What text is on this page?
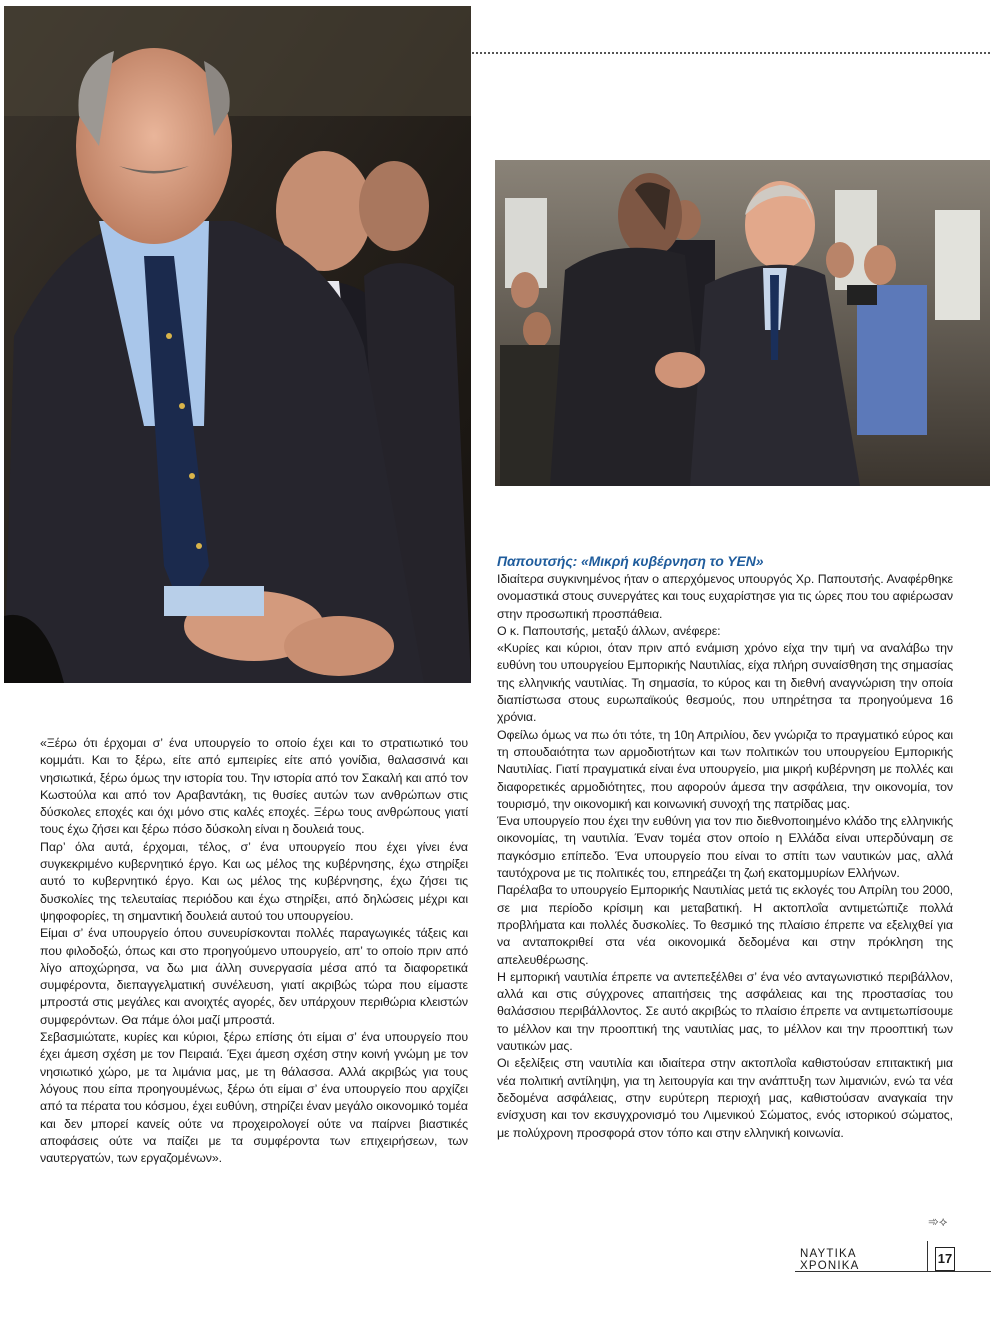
«Ξέρω ότι έρχομαι σ’ ένα υπουργείο το οποίο έχει και το στρατιωτικό του κομμάτι. Και το ξέρω, είτε από εμπειρίες είτε από γονίδια, θαλασσινά και νησιωτικά, ξέρω όμως την ιστορία του. Την ιστορία από τον Σακαλή και από τον Κωστούλα και από τον Αραβαντάκη, τις θυσίες αυτών των ανθρώπων στις δύσκολες εποχές και όχι μόνο στις καλές εποχές. Ξέρω τους ανθρώπους γιατί τους έχω ζήσει και ξέρω πόσο δύσκολη είναι η δουλειά τους.

Παρ’ όλα αυτά, έρχομαι, τέλος, σ’ ένα υπουργείο που έχει γίνει ένα συγκεκριμένο κυβερνητικό έργο. Και ως μέλος της κυβέρνησης, έχω στηρίξει αυτό το κυβερνητικό έργο. Και ως μέλος της κυβέρνησης, έχω ζήσει τις δυσκολίες της τελευταίας περιόδου και έχω στηρίξει, από δηλώσεις μέχρι και ψηφοφορίες, τη σημαντική δουλειά αυτού του υπουργείου.

Είμαι σ’ ένα υπουργείο όπου συνευρίσκονται πολλές παραγωγικές τάξεις και που φιλοδοξώ, όπως και στο προηγούμενο υπουργείο, απ’ το οποίο πριν από λίγο αποχώρησα, να δω μια άλλη συνεργασία μέσα από τα διαφορετικά συμφέροντα, διεπαγγελματική συνέλευση, γιατί ακριβώς τώρα που είμαστε μπροστά στις μεγάλες και ανοιχτές αγορές, δεν υπάρχουν περιθώρια κλειστών συμφερόντων. Θα πάμε όλοι μαζί μπροστά.

Σεβασμιώτατε, κυρίες και κύριοι, ξέρω επίσης ότι είμαι σ’ ένα υπουργείο που έχει άμεση σχέση με τον Πειραιά. Έχει άμεση σχέση στην κοινή γνώμη με τον νησιωτικό χώρο, με τα λιμάνια μας, με τη θάλασσα. Αλλά ακριβώς για τους λόγους που είπα προηγουμένως, ξέρω ότι είμαι σ’ ένα υπουργείο που αρχίζει από τα πέρατα του κόσμου, έχει ευθύνη, στηρίζει έναν μεγάλο οικονομικό τομέα και δεν μπορεί κανείς ούτε να προχειρολογεί ούτε να παίρνει βιαστικές αποφάσεις ούτε να παίζει με τα συμφέροντα των επιχειρήσεων, των ναυτεργατών, των εργαζομένων».

Παπουτσής: «Μικρή κυβέρνηση το ΥΕΝ»

Ιδιαίτερα συγκινημένος ήταν ο απερχόμενος υπουργός Χρ. Παπουτσής. Αναφέρθηκε ονομαστικά στους συνεργάτες και τους ευχαρίστησε για τις ώρες που του αφιέρωσαν στην προσωπική προσπάθεια.

Ο κ. Παπουτσής, μεταξύ άλλων, ανέφερε:

«Κυρίες και κύριοι, όταν πριν από ενάμιση χρόνο είχα την τιμή να αναλάβω την ευθύνη του υπουργείου Εμπορικής Ναυτιλίας, είχα πλήρη συναίσθηση της σημασίας της ελληνικής ναυτιλίας. Τη σημασία, το κύρος και τη διεθνή αναγνώριση την οποία διαπίστωσα στους ευρωπαϊκούς θεσμούς, που υπηρέτησα τα προηγούμενα 16 χρόνια.

Οφείλω όμως να πω ότι τότε, τη 10η Απριλίου, δεν γνώριζα το πραγματικό εύρος και τη σπουδαιότητα των αρμοδιοτήτων και των πολιτικών του υπουργείου Εμπορικής Ναυτιλίας. Γιατί πραγματικά είναι ένα υπουργείο, μια μικρή κυβέρνηση με πολλές και διαφορετικές αρμοδιότητες, που αφορούν άμεσα την ασφάλεια, την οικονομία, τον τουρισμό, την οικονομική και κοινωνική συνοχή της πατρίδας μας.

Ένα υπουργείο που έχει την ευθύνη για τον πιο διεθνοποιημένο κλάδο της ελληνικής οικονομίας, τη ναυτιλία. Έναν τομέα στον οποίο η Ελλάδα είναι υπερδύναμη σε παγκόσμιο επίπεδο. Ένα υπουργείο που είναι το σπίτι των ναυτικών μας, αλλά ταυτόχρονα με τις πολιτικές του, επηρεάζει τη ζωή εκατομμυρίων Ελλήνων.

Παρέλαβα το υπουργείο Εμπορικής Ναυτιλίας μετά τις εκλογές του Απρίλη του 2000, σε μια περίοδο κρίσιμη και μεταβατική. Η ακτοπλοΐα αντιμετώπιζε πολλά προβλήματα και πολλές δυσκολίες. Το θεσμικό της πλαίσιο έπρεπε να εξελιχθεί για να ανταποκριθεί στα νέα οικονομικά δεδομένα και στην πρόκληση της απελευθέρωσης.

Η εμπορική ναυτιλία έπρεπε να αντεπεξέλθει σ’ ένα νέο ανταγωνιστικό περιβάλλον, αλλά και στις σύγχρονες απαιτήσεις της ασφάλειας και της προστασίας του θαλάσσιου περιβάλλοντος. Σε αυτό ακριβώς το πλαίσιο έπρεπε να αντιμετωπίσουμε το μέλλον και την προοπτική της ναυτιλίας μας, το μέλλον και την προοπτική των ναυτικών μας.

Οι εξελίξεις στη ναυτιλία και ιδιαίτερα στην ακτοπλοΐα καθιστούσαν επιτακτική μια νέα πολιτική αντίληψη, για τη λειτουργία και την ανάπτυξη των λιμανιών, ενώ τα νέα δεδομένα ασφάλειας, στην ευρύτερη περιοχή μας, καθιστούσαν αναγκαία την ενίσχυση και τον εκσυγχρονισμό του Λιμενικού Σώματος, ενός ιστορικού σώματος, με πολύχρονη προσφορά στον τόπο και στην ελληνική κοινωνία.

➾⟡
ΝΑΥΤΙΚΑ ΧΡΟΝΙΚΑ	17
